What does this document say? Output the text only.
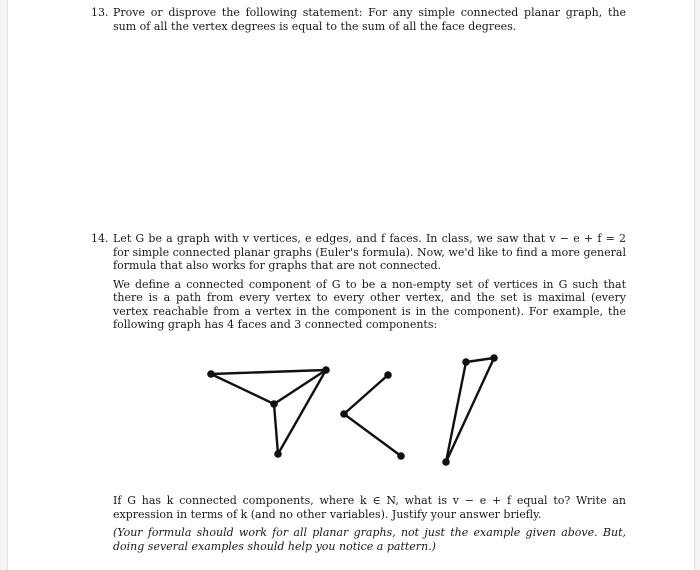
13. Prove or disprove the following statement: For any simple connected planar graph, the sum of all the vertex degrees is equal to the sum of all the face degrees.

14. Let G be a graph with v vertices, e edges, and f faces. In class, we saw that v − e + f = 2 for simple connected planar graphs (Euler's formula). Now, we'd like to find a more general formula that also works for graphs that are not connected.

We define a connected component of G to be a non-empty set of vertices in G such that there is a path from every vertex to every other vertex, and the set is maximal (every vertex reachable from a vertex in the component is in the component). For example, the following graph has 4 faces and 3 connected components:

If G has k connected components, where k ∈ N, what is v − e + f equal to? Write an expression in terms of k (and no other variables). Justify your answer briefly.

(Your formula should work for all planar graphs, not just the example given above. But, doing several examples should help you notice a pattern.)
